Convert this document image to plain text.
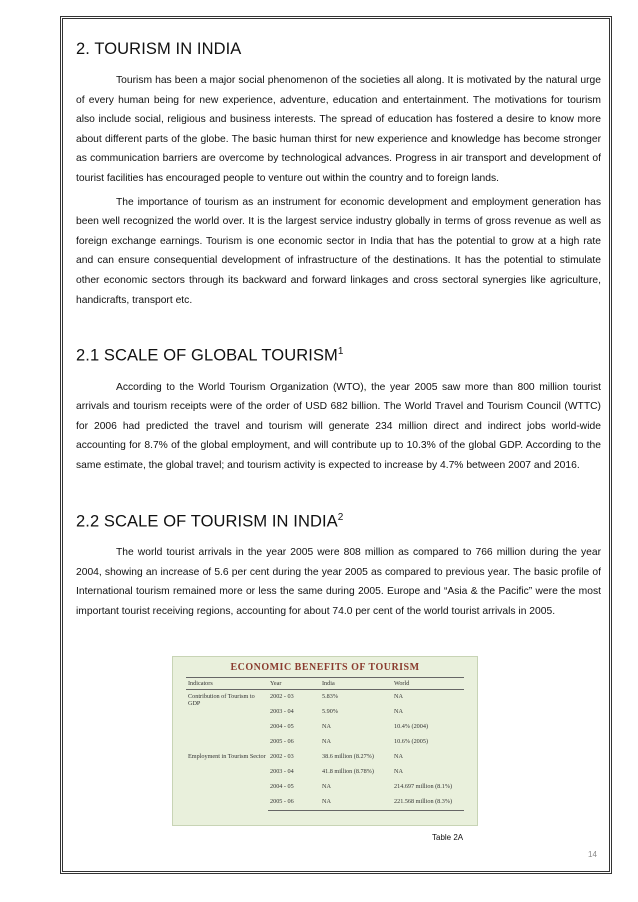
2. TOURISM IN INDIA

Tourism has been a major social phenomenon of the societies all along. It is motivated by the natural urge of every human being for new experience, adventure, education and entertainment. The motivations for tourism also include social, religious and business interests. The spread of education has fostered a desire to know more about different parts of the globe. The basic human thirst for new experience and knowledge has become stronger as communication barriers are overcome by technological advances. Progress in air transport and development of tourist facilities has encouraged people to venture out within the country and to foreign lands.

The importance of tourism as an instrument for economic development and employment generation has been well recognized the world over. It is the largest service industry globally in terms of gross revenue as well as foreign exchange earnings. Tourism is one economic sector in India that has the potential to grow at a high rate and can ensure consequential development of infrastructure of the destinations. It has the potential to stimulate other economic sectors through its backward and forward linkages and cross sectoral synergies like agriculture, handicrafts, transport etc.

2.1 SCALE OF GLOBAL TOURISM$^1$

According to the World Tourism Organization (WTO), the year 2005 saw more than 800 million tourist arrivals and tourism receipts were of the order of USD 682 billion. The World Travel and Tourism Council (WTTC) for 2006 had predicted the travel and tourism will generate 234 million direct and indirect jobs world-wide accounting for 8.7% of the global employment, and will contribute up to 10.3% of the global GDP. According to the same estimate, the global travel; and tourism activity is expected to increase by 4.7% between 2007 and 2016.

2.2 SCALE OF TOURISM IN INDIA$^2$

The world tourist arrivals in the year 2005 were 808 million as compared to 766 million during the year 2004, showing an increase of 5.6 per cent during the year 2005 as compared to previous year. The basic profile of International tourism remained more or less the same during 2005. Europe and “Asia & the Pacific” were the most important tourist receiving regions, accounting for about 74.0 per cent of the world tourist arrivals in 2005.

ECONOMIC BENEFITS OF TOURISM
Indicators	Year	India	World
Contribution of Tourism to GDP	2002 - 03	5.83%	NA
	2003 - 04	5.90%	NA
	2004 - 05	NA	10.4% (2004)
	2005 - 06	NA	10.6% (2005)
Employment in Tourism Sector	2002 - 03	38.6 million (8.27%)	NA
	2003 - 04	41.8 million (8.78%)	NA
	2004 - 05	NA	214.697 million (8.1%)
	2005 - 06	NA	221.568 million (8.3%)
Table 2A
14
